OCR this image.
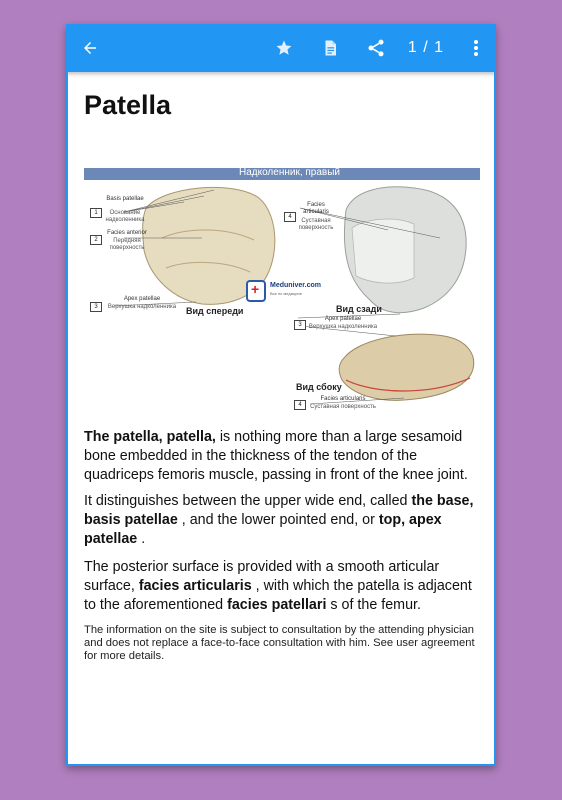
1 / 1
Patella
Надколенник, правый
1
Basis patellae
Основание надколенника
2
Facies anterior
Передняя поверхность
3
Apex patellae
Верхушка надколенника
4
Facies articularis
Суставная поверхность
3
Apex patellae
Верхушка надколенника
4
Facies articularis
Суставная поверхность
Вид спереди	Вид сзади
Вид сбоку
+
Meduniver.com
Все по медицине
The patella, patella, is nothing more than a large sesamoid bone embedded in the thickness of the tendon of the quadriceps femoris muscle, passing in front of the knee joint.
It distinguishes between the upper wide end, called the base, basis patellae , and the lower pointed end, or top, apex patellae .
The posterior surface is provided with a smooth articular surface, facies articularis , with which the patella is adjacent to the aforementioned facies patellari s of the femur.
The information on the site is subject to consultation by the attending physician and does not replace a face-to-face consultation with him. See user agreement for more details.
